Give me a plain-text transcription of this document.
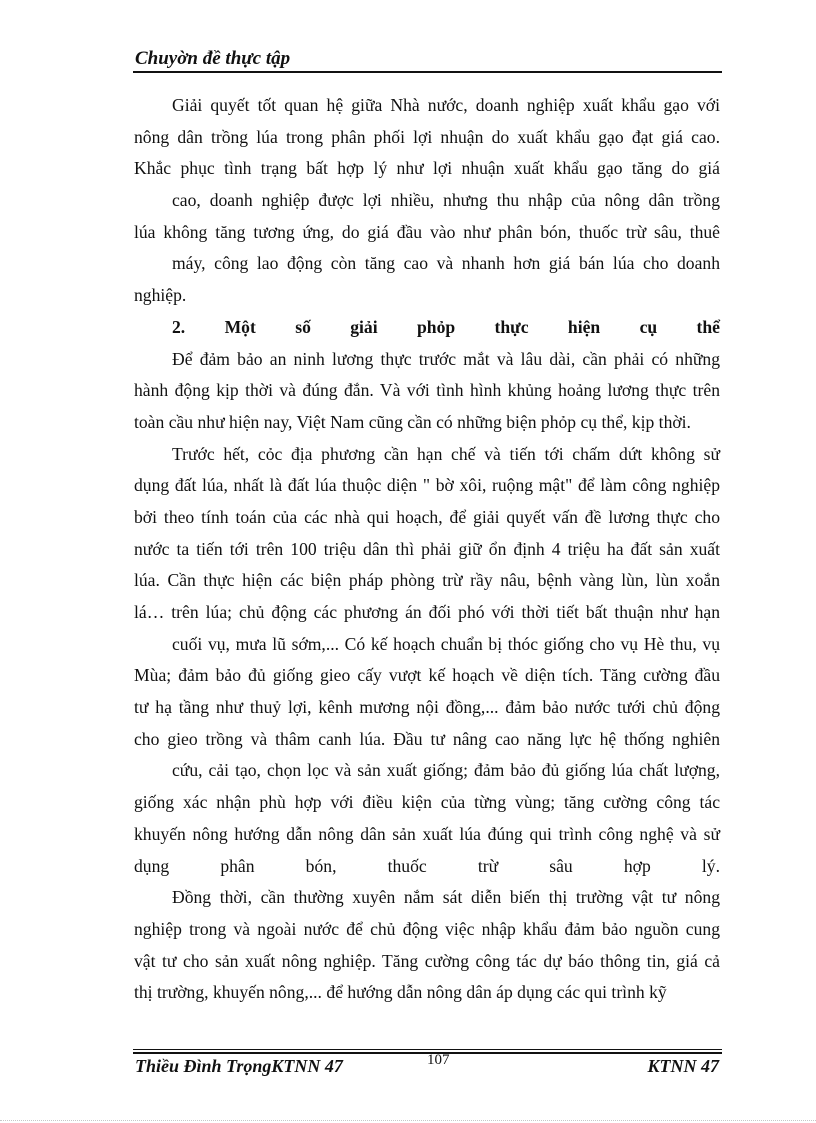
Chuyờn đề thực tập
Giải quyết tốt quan hệ giữa Nhà nước, doanh nghiệp xuất khẩu gạo với
nông dân trồng lúa trong phân phối lợi nhuận do xuất khẩu gạo đạt giá cao.
Khắc phục tình trạng bất hợp lý như lợi nhuận xuất khẩu gạo tăng do giá
cao, doanh nghiệp được lợi nhiều, nhưng thu nhập của nông dân trồng
lúa không tăng tương ứng, do giá đầu vào như phân bón, thuốc trừ sâu, thuê
máy, công lao động còn tăng cao và nhanh hơn giá bán lúa cho doanh
nghiệp.
2. Một số giải phỏp thực hiện cụ thể
Để đảm bảo an ninh lương thực trước mắt và lâu dài, cần phải có những
hành động kịp thời và đúng đắn. Và với tình hình khủng hoảng lương thực trên
toàn cầu như hiện nay, Việt Nam cũng cần có những biện phỏp cụ thể, kịp thời.
Trước hết, cỏc địa phương cần hạn chế và tiến tới chấm dứt không sử
dụng đất lúa, nhất là đất lúa thuộc diện " bờ xôi, ruộng mật" để làm công nghiệp
bởi theo tính toán của các nhà qui hoạch, để giải quyết vấn đề lương thực cho
nước ta tiến tới trên 100 triệu dân thì phải giữ ổn định 4 triệu ha đất sản xuất
lúa. Cần thực hiện các biện pháp phòng trừ rầy nâu, bệnh vàng lùn, lùn xoắn
lá… trên lúa; chủ động các phương án đối phó với thời tiết bất thuận như hạn
cuối vụ, mưa lũ sớm,... Có kế hoạch chuẩn bị thóc giống cho vụ Hè thu, vụ
Mùa; đảm bảo đủ giống gieo cấy vượt kế hoạch về diện tích. Tăng cường đầu
tư hạ tầng như thuỷ lợi, kênh mương nội đồng,... đảm bảo nước tưới chủ động
cho gieo trồng và thâm canh lúa. Đầu tư nâng cao năng lực hệ thống nghiên
cứu, cải tạo, chọn lọc và sản xuất giống; đảm bảo đủ giống lúa chất lượng,
giống xác nhận phù hợp với điều kiện của từng vùng; tăng cường công tác
khuyến nông hướng dẫn nông dân sản xuất lúa đúng qui trình công nghệ và sử
dụng phân bón, thuốc trừ sâu hợp lý.
Đồng thời, cần thường xuyên nắm sát diễn biến thị trường vật tư nông
nghiệp trong và ngoài nước để chủ động việc nhập khẩu đảm bảo nguồn cung
vật tư cho sản xuất nông nghiệp. Tăng cường công tác dự báo thông tin, giá cả
thị trường, khuyến nông,... để hướng dẫn nông dân áp dụng các qui trình kỹ
Thiều Đình TrọngKTNN 47	107	KTNN 47
